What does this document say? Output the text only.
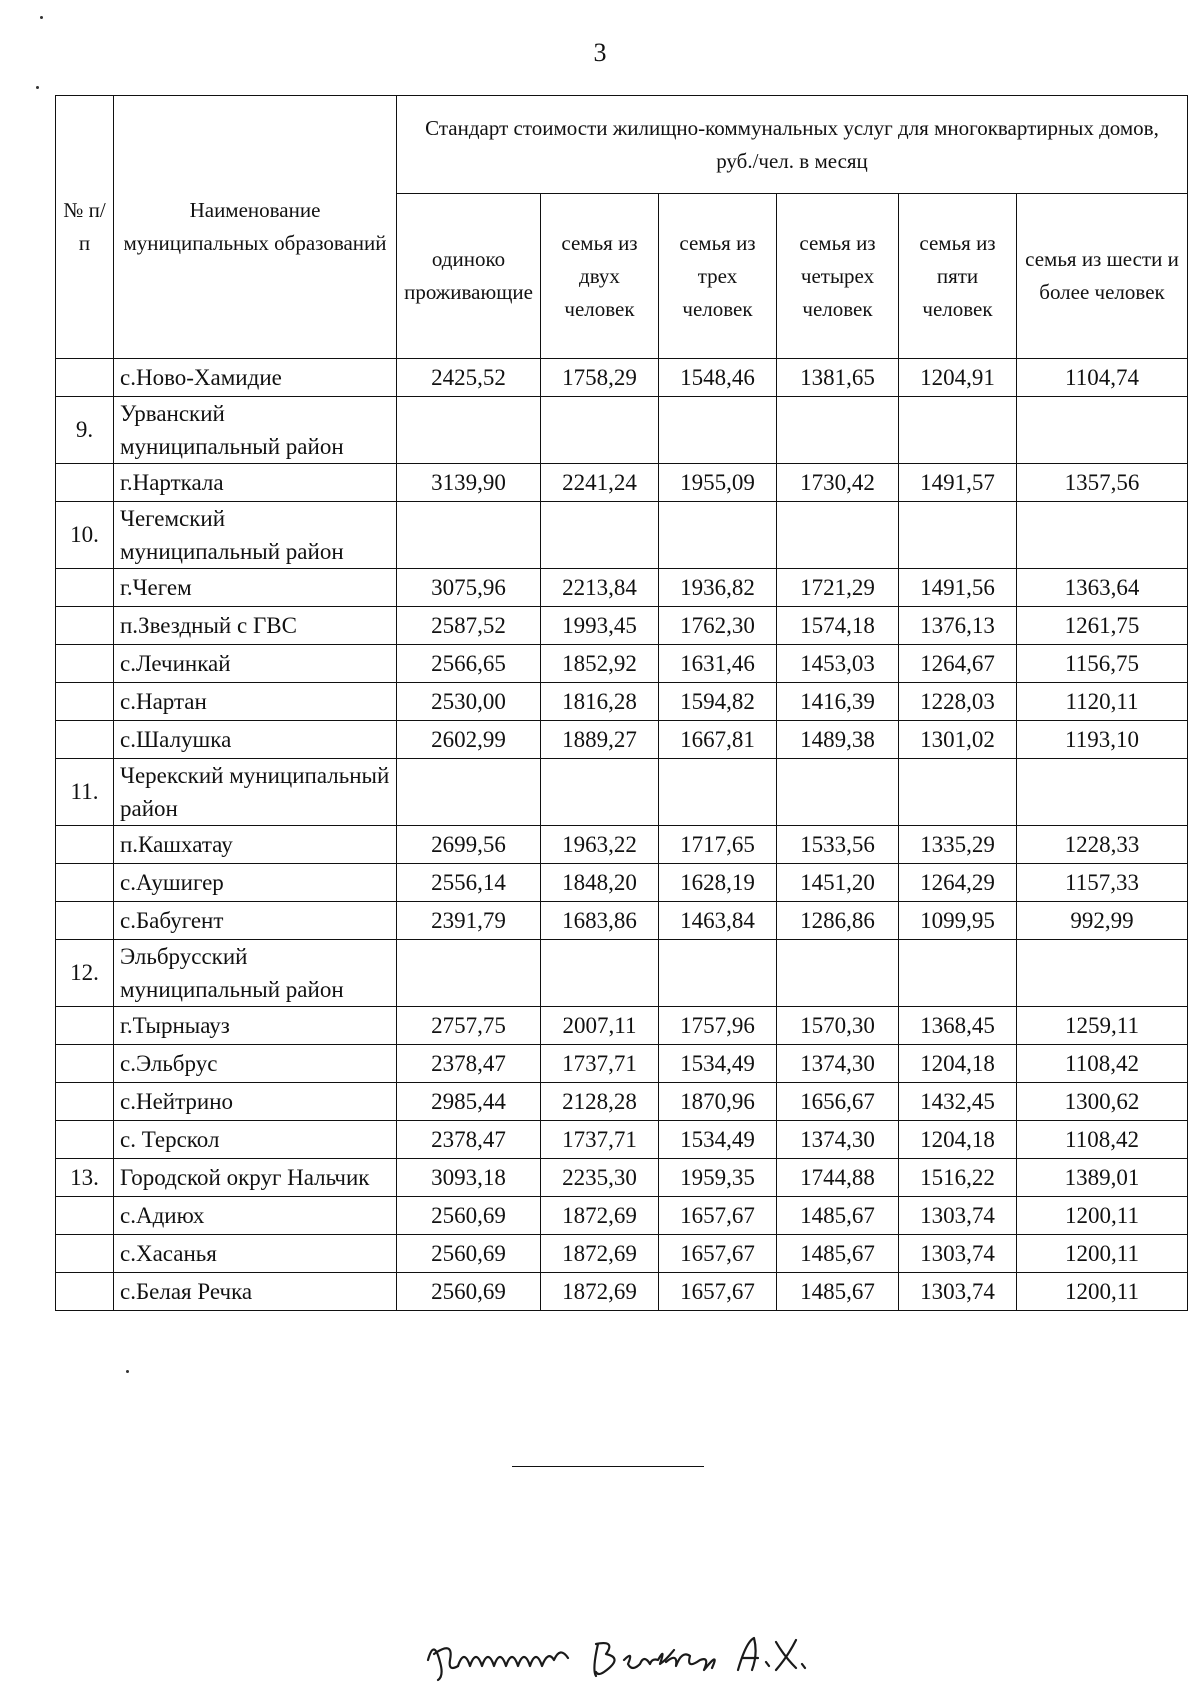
3
№ п/п	Наименование муниципальных образований	Стандарт стоимости жилищно-коммунальных услуг для многоквартирных домов, руб./чел. в месяц					
		одиноко проживающие	семья из двух человек	семья из трех человек	семья из четырех человек	семья из пяти человек	семья из шести и более человек
	с.Ново-Хамидие	2425,52	1758,29	1548,46	1381,65	1204,91	1104,74
9.	Урванский муниципальный район						
	г.Нарткала	3139,90	2241,24	1955,09	1730,42	1491,57	1357,56
10.	Чегемский муниципальный район						
	г.Чегем	3075,96	2213,84	1936,82	1721,29	1491,56	1363,64
	п.Звездный с ГВС	2587,52	1993,45	1762,30	1574,18	1376,13	1261,75
	с.Лечинкай	2566,65	1852,92	1631,46	1453,03	1264,67	1156,75
	с.Нартан	2530,00	1816,28	1594,82	1416,39	1228,03	1120,11
	с.Шалушка	2602,99	1889,27	1667,81	1489,38	1301,02	1193,10
11.	Черекский муниципальный район						
	п.Кашхатау	2699,56	1963,22	1717,65	1533,56	1335,29	1228,33
	с.Аушигер	2556,14	1848,20	1628,19	1451,20	1264,29	1157,33
	с.Бабугент	2391,79	1683,86	1463,84	1286,86	1099,95	992,99
12.	Эльбрусский муниципальный район						
	г.Тырныауз	2757,75	2007,11	1757,96	1570,30	1368,45	1259,11
	с.Эльбрус	2378,47	1737,71	1534,49	1374,30	1204,18	1108,42
	с.Нейтрино	2985,44	2128,28	1870,96	1656,67	1432,45	1300,62
	с. Терскол	2378,47	1737,71	1534,49	1374,30	1204,18	1108,42
13.	Городской округ Нальчик	3093,18	2235,30	1959,35	1744,88	1516,22	1389,01
	с.Адиюх	2560,69	1872,69	1657,67	1485,67	1303,74	1200,11
	с.Хасанья	2560,69	1872,69	1657,67	1485,67	1303,74	1200,11
	с.Белая Речка	2560,69	1872,69	1657,67	1485,67	1303,74	1200,11
